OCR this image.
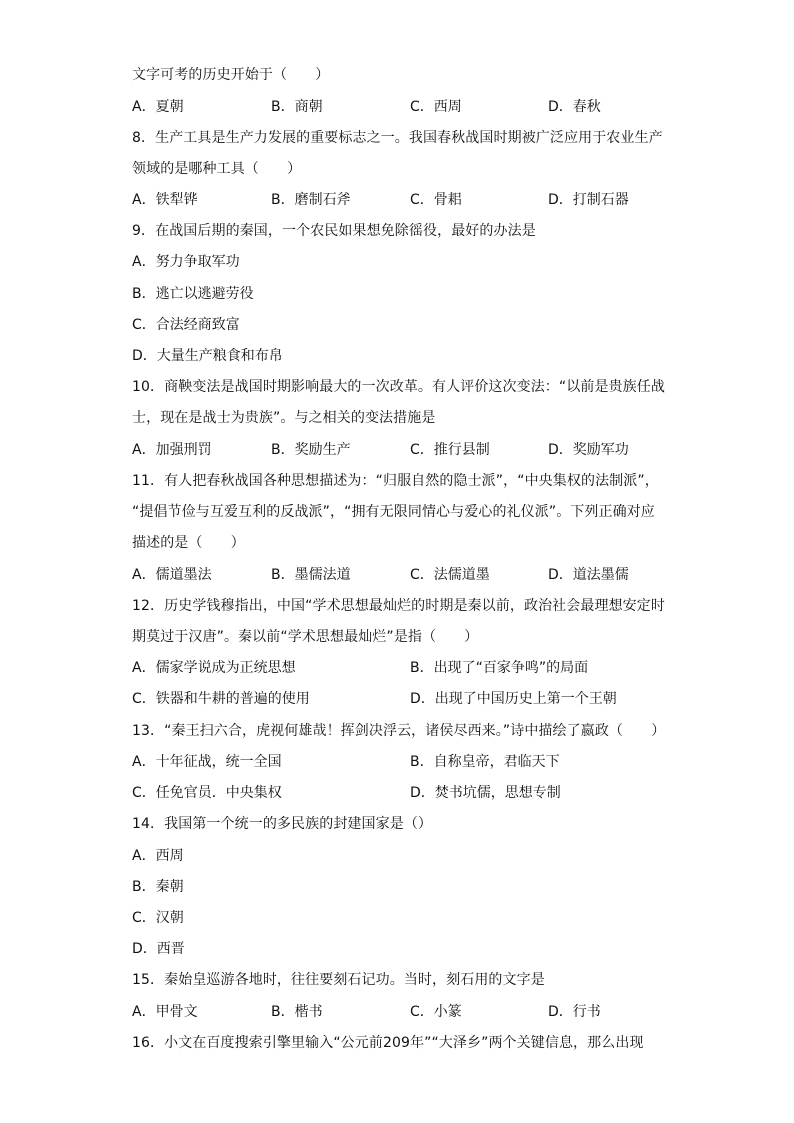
文字可考的历史开始于（　　）
A．夏朝	B．商朝	C．西周	D．春秋
8．生产工具是生产力发展的重要标志之一。我国春秋战国时期被广泛应用于农业生产
领域的是哪种工具（　　）
A．铁犁铧	B．磨制石斧	C．骨耜	D．打制石器
9．在战国后期的秦国，一个农民如果想免除徭役，最好的办法是
A．努力争取军功
B．逃亡以逃避劳役
C．合法经商致富
D．大量生产粮食和布帛
10．商鞅变法是战国时期影响最大的一次改革。有人评价这次变法：“以前是贵族任战
士，现在是战士为贵族”。与之相关的变法措施是
A．加强刑罚	B．奖励生产	C．推行县制	D．奖励军功
11．有人把春秋战国各种思想描述为：“归服自然的隐士派”，“中央集权的法制派”，
“提倡节俭与互爱互利的反战派”，“拥有无限同情心与爱心的礼仪派”。下列正确对应
描述的是（　　）
A．儒道墨法	B．墨儒法道	C．法儒道墨	D．道法墨儒
12．历史学钱穆指出，中国“学术思想最灿烂的时期是秦以前，政治社会最理想安定时
期莫过于汉唐”。秦以前“学术思想最灿烂”是指（　　）
A．儒家学说成为正统思想	B．出现了“百家争鸣”的局面
C．铁器和牛耕的普遍的使用	D．出现了中国历史上第一个王朝
13．“秦王扫六合，虎视何雄哉！挥剑决浮云，诸侯尽西来。”诗中描绘了嬴政（　　）
A．十年征战，统一全国	B．自称皇帝，君临天下
C．任免官员．中央集权	D．焚书坑儒，思想专制
14．我国第一个统一的多民族的封建国家是（）
A．西周
B．秦朝
C．汉朝
D．西晋
15．秦始皇巡游各地时，往往要刻石记功。当时，刻石用的文字是
A．甲骨文	B．楷书	C．小篆	D．行书
16．小文在百度搜索引擎里输入“公元前209年”“大泽乡”两个关键信息，那么出现
